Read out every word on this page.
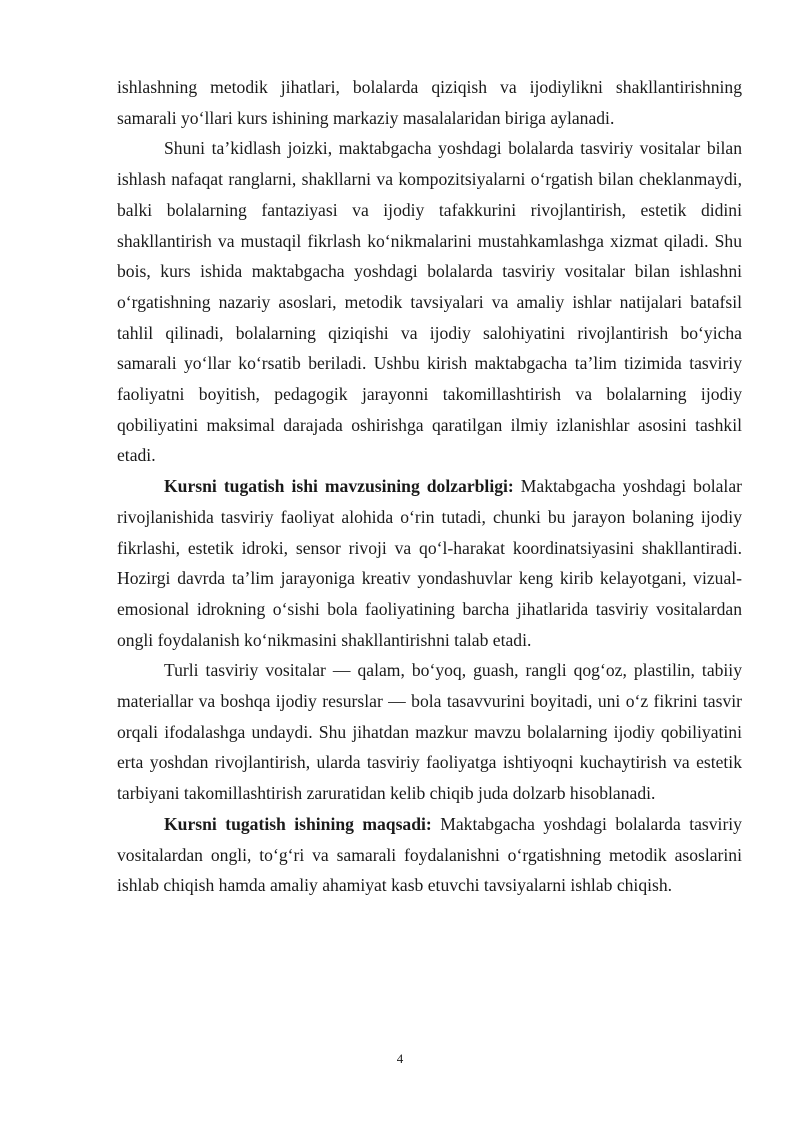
ishlashning metodik jihatlari, bolalarda qiziqish va ijodiylikni shakllantirishning samarali yo‘llari kurs ishining markaziy masalalaridan biriga aylanadi.

Shuni ta’kidlash joizki, maktabgacha yoshdagi bolalarda tasviriy vositalar bilan ishlash nafaqat ranglarni, shakllarni va kompozitsiyalarni o‘rgatish bilan cheklanmaydi, balki bolalarning fantaziyasi va ijodiy tafakkurini rivojlantirish, estetik didini shakllantirish va mustaqil fikrlash ko‘nikmalarini mustahkamlashga xizmat qiladi. Shu bois, kurs ishida maktabgacha yoshdagi bolalarda tasviriy vositalar bilan ishlashni o‘rgatishning nazariy asoslari, metodik tavsiyalari va amaliy ishlar natijalari batafsil tahlil qilinadi, bolalarning qiziqishi va ijodiy salohiyatini rivojlantirish bo‘yicha samarali yo‘llar ko‘rsatib beriladi. Ushbu kirish maktabgacha ta’lim tizimida tasviriy faoliyatni boyitish, pedagogik jarayonni takomillashtirish va bolalarning ijodiy qobiliyatini maksimal darajada oshirishga qaratilgan ilmiy izlanishlar asosini tashkil etadi.

Kursni tugatish ishi mavzusining dolzarbligi: Maktabgacha yoshdagi bolalar rivojlanishida tasviriy faoliyat alohida o‘rin tutadi, chunki bu jarayon bolaning ijodiy fikrlashi, estetik idroki, sensor rivoji va qo‘l-harakat koordinatsiyasini shakllantiradi. Hozirgi davrda ta’lim jarayoniga kreativ yondashuvlar keng kirib kelayotgani, vizual-emosional idrokning o‘sishi bola faoliyatining barcha jihatlarida tasviriy vositalardan ongli foydalanish ko‘nikmasini shakllantirishni talab etadi.

Turli tasviriy vositalar — qalam, bo‘yoq, guash, rangli qog‘oz, plastilin, tabiiy materiallar va boshqa ijodiy resurslar — bola tasavvurini boyitadi, uni o‘z fikrini tasvir orqali ifodalashga undaydi. Shu jihatdan mazkur mavzu bolalarning ijodiy qobiliyatini erta yoshdan rivojlantirish, ularda tasviriy faoliyatga ishtiyoqni kuchaytirish va estetik tarbiyani takomillashtirish zaruratidan kelib chiqib juda dolzarb hisoblanadi.

Kursni tugatish ishining maqsadi: Maktabgacha yoshdagi bolalarda tasviriy vositalardan ongli, to‘g‘ri va samarali foydalanishni o‘rgatishning metodik asoslarini ishlab chiqish hamda amaliy ahamiyat kasb etuvchi tavsiyalarni ishlab chiqish.

4
